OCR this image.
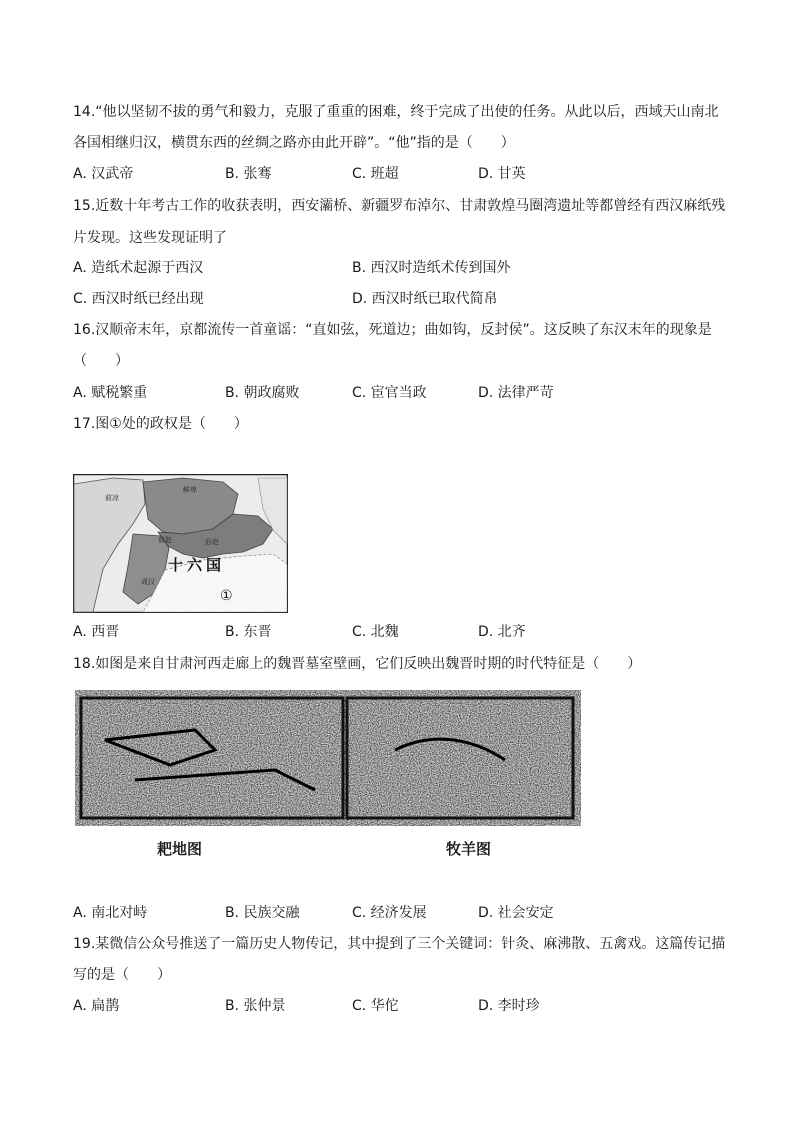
14.“他以坚韧不拔的勇气和毅力，克服了重重的困难，终于完成了出使的任务。从此以后，西域天山南北
各国相继归汉，横贯东西的丝绸之路亦由此开辟”。“他”指的是（　　）
A. 汉武帝	B. 张骞	C. 班超	D. 甘英
15.近数十年考古工作的收获表明，西安灞桥、新疆罗布淖尔、甘肃敦煌马圈湾遗址等都曾经有西汉麻纸残
片发现。这些发现证明了
A. 造纸术起源于西汉	B. 西汉时造纸术传到国外
C. 西汉时纸已经出现	D. 西汉时纸已取代简帛
16.汉顺帝末年，京都流传一首童谣：“直如弦，死道边；曲如钩，反封侯”。这反映了东汉末年的现象是
（　　）
A. 赋税繁重	B. 朝政腐败	C. 宦官当政	D. 法律严苛
17.图①处的政权是（　　）
前凉
鲜卑
后赵
前赵
成汉
十六国
①
A. 西晋	B. 东晋	C. 北魏	D. 北齐
18.如图是来自甘肃河西走廊上的魏晋墓室壁画，它们反映出魏晋时期的时代特征是（　　）
耙地图	牧羊图
A. 南北对峙	B. 民族交融	C. 经济发展	D. 社会安定
19.某微信公众号推送了一篇历史人物传记，其中提到了三个关键词：针灸、麻沸散、五禽戏。这篇传记描
写的是（　　）
A. 扁鹊	B. 张仲景	C. 华佗	D. 李时珍
